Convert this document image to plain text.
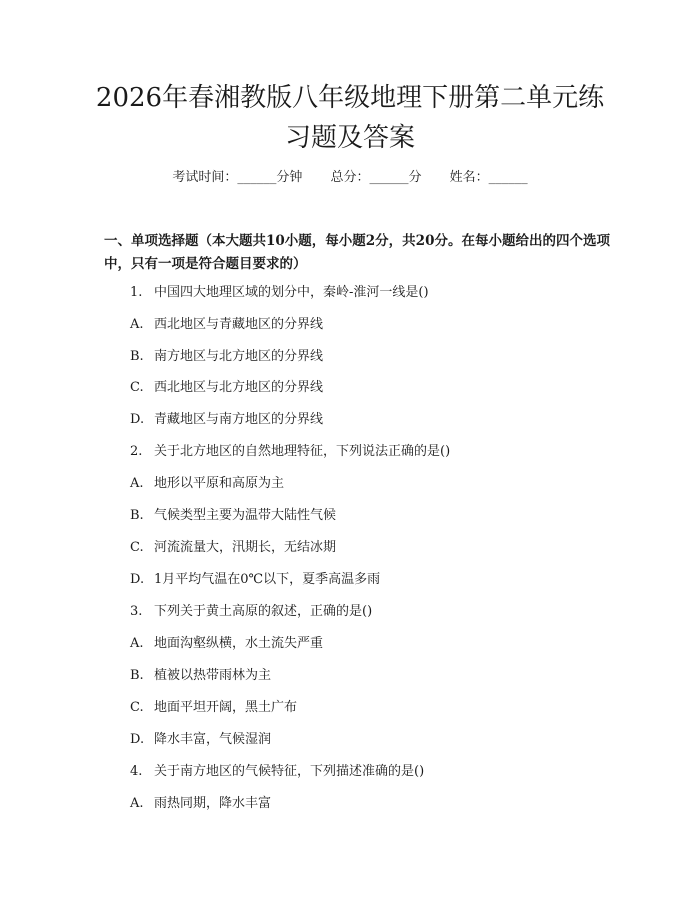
2026年春湘教版八年级地理下册第二单元练
习题及答案
考试时间：______分钟 总分：______分 姓名：______

一、单项选择题（本大题共10小题，每小题2分，共20分。在每小题给出的四个选项中，只有一项是符合题目要求的）

1. 中国四大地理区域的划分中，秦岭-淮河一线是()
A. 西北地区与青藏地区的分界线
B. 南方地区与北方地区的分界线
C. 西北地区与北方地区的分界线
D. 青藏地区与南方地区的分界线
2. 关于北方地区的自然地理特征，下列说法正确的是()
A. 地形以平原和高原为主
B. 气候类型主要为温带大陆性气候
C. 河流流量大，汛期长，无结冰期
D. 1月平均气温在0℃以下，夏季高温多雨
3. 下列关于黄土高原的叙述，正确的是()
A. 地面沟壑纵横，水土流失严重
B. 植被以热带雨林为主
C. 地面平坦开阔，黑土广布
D. 降水丰富，气候湿润
4. 关于南方地区的气候特征，下列描述准确的是()
A. 雨热同期，降水丰富
